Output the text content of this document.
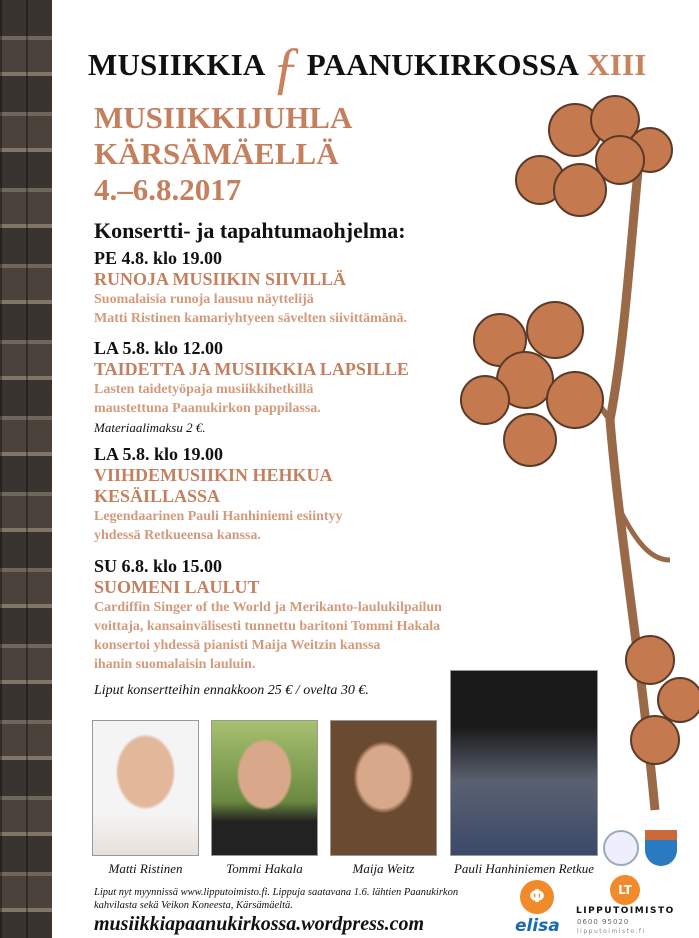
MUSIIKKIA ƒ PAANUKIRKOSSA XIII
MUSIIKKIJUHLA
KÄRSÄMÄELLÄ
4.–6.8.2017
Konsertti- ja tapahtumaohjelma:
PE 4.8. klo 19.00
RUNOJA MUSIIKIN SIIVILLÄ
Suomalaisia runoja lausuu näyttelijä
Matti Ristinen kamariyhtyeen sävelten siivittämänä.
LA 5.8. klo 12.00
TAIDETTA JA MUSIIKKIA LAPSILLE
Lasten taidetyöpaja musiikkihetkillä
maustettuna Paanukirkon pappilassa.
Materiaalimaksu 2 €.
LA 5.8. klo 19.00
VIIHDEMUSIIKIN HEHKUA
KESÄILLASSA
Legendaarinen Pauli Hanhiniemi esiintyy
yhdessä Retkueensa kanssa.
SU 6.8. klo 15.00
SUOMENI LAULUT
Cardiffin Singer of the World ja Merikanto-laulukilpailun
voittaja, kansainvälisesti tunnettu baritoni Tommi Hakala
konsertoi yhdessä pianisti Maija Weitzin kanssa
ihanin suomalaisin lauluin.
Liput konsertteihin ennakkoon 25 € / ovelta 30 €.
Matti Ristinen	Tommi Hakala	Maija Weitz	Pauli Hanhiniemen Retkue
Liput nyt myynnissä www.lipputoimisto.fi. Lippuja saatavana 1.6. lähtien Paanukirkon
kahvilasta sekä Veikon Koneesta, Kärsämäeltä.
musiikkiapaanukirkossa.wordpress.com
Φ
elisa
LT
LIPPUTOIMISTO
0600 95020
lipputoimisto.fi
